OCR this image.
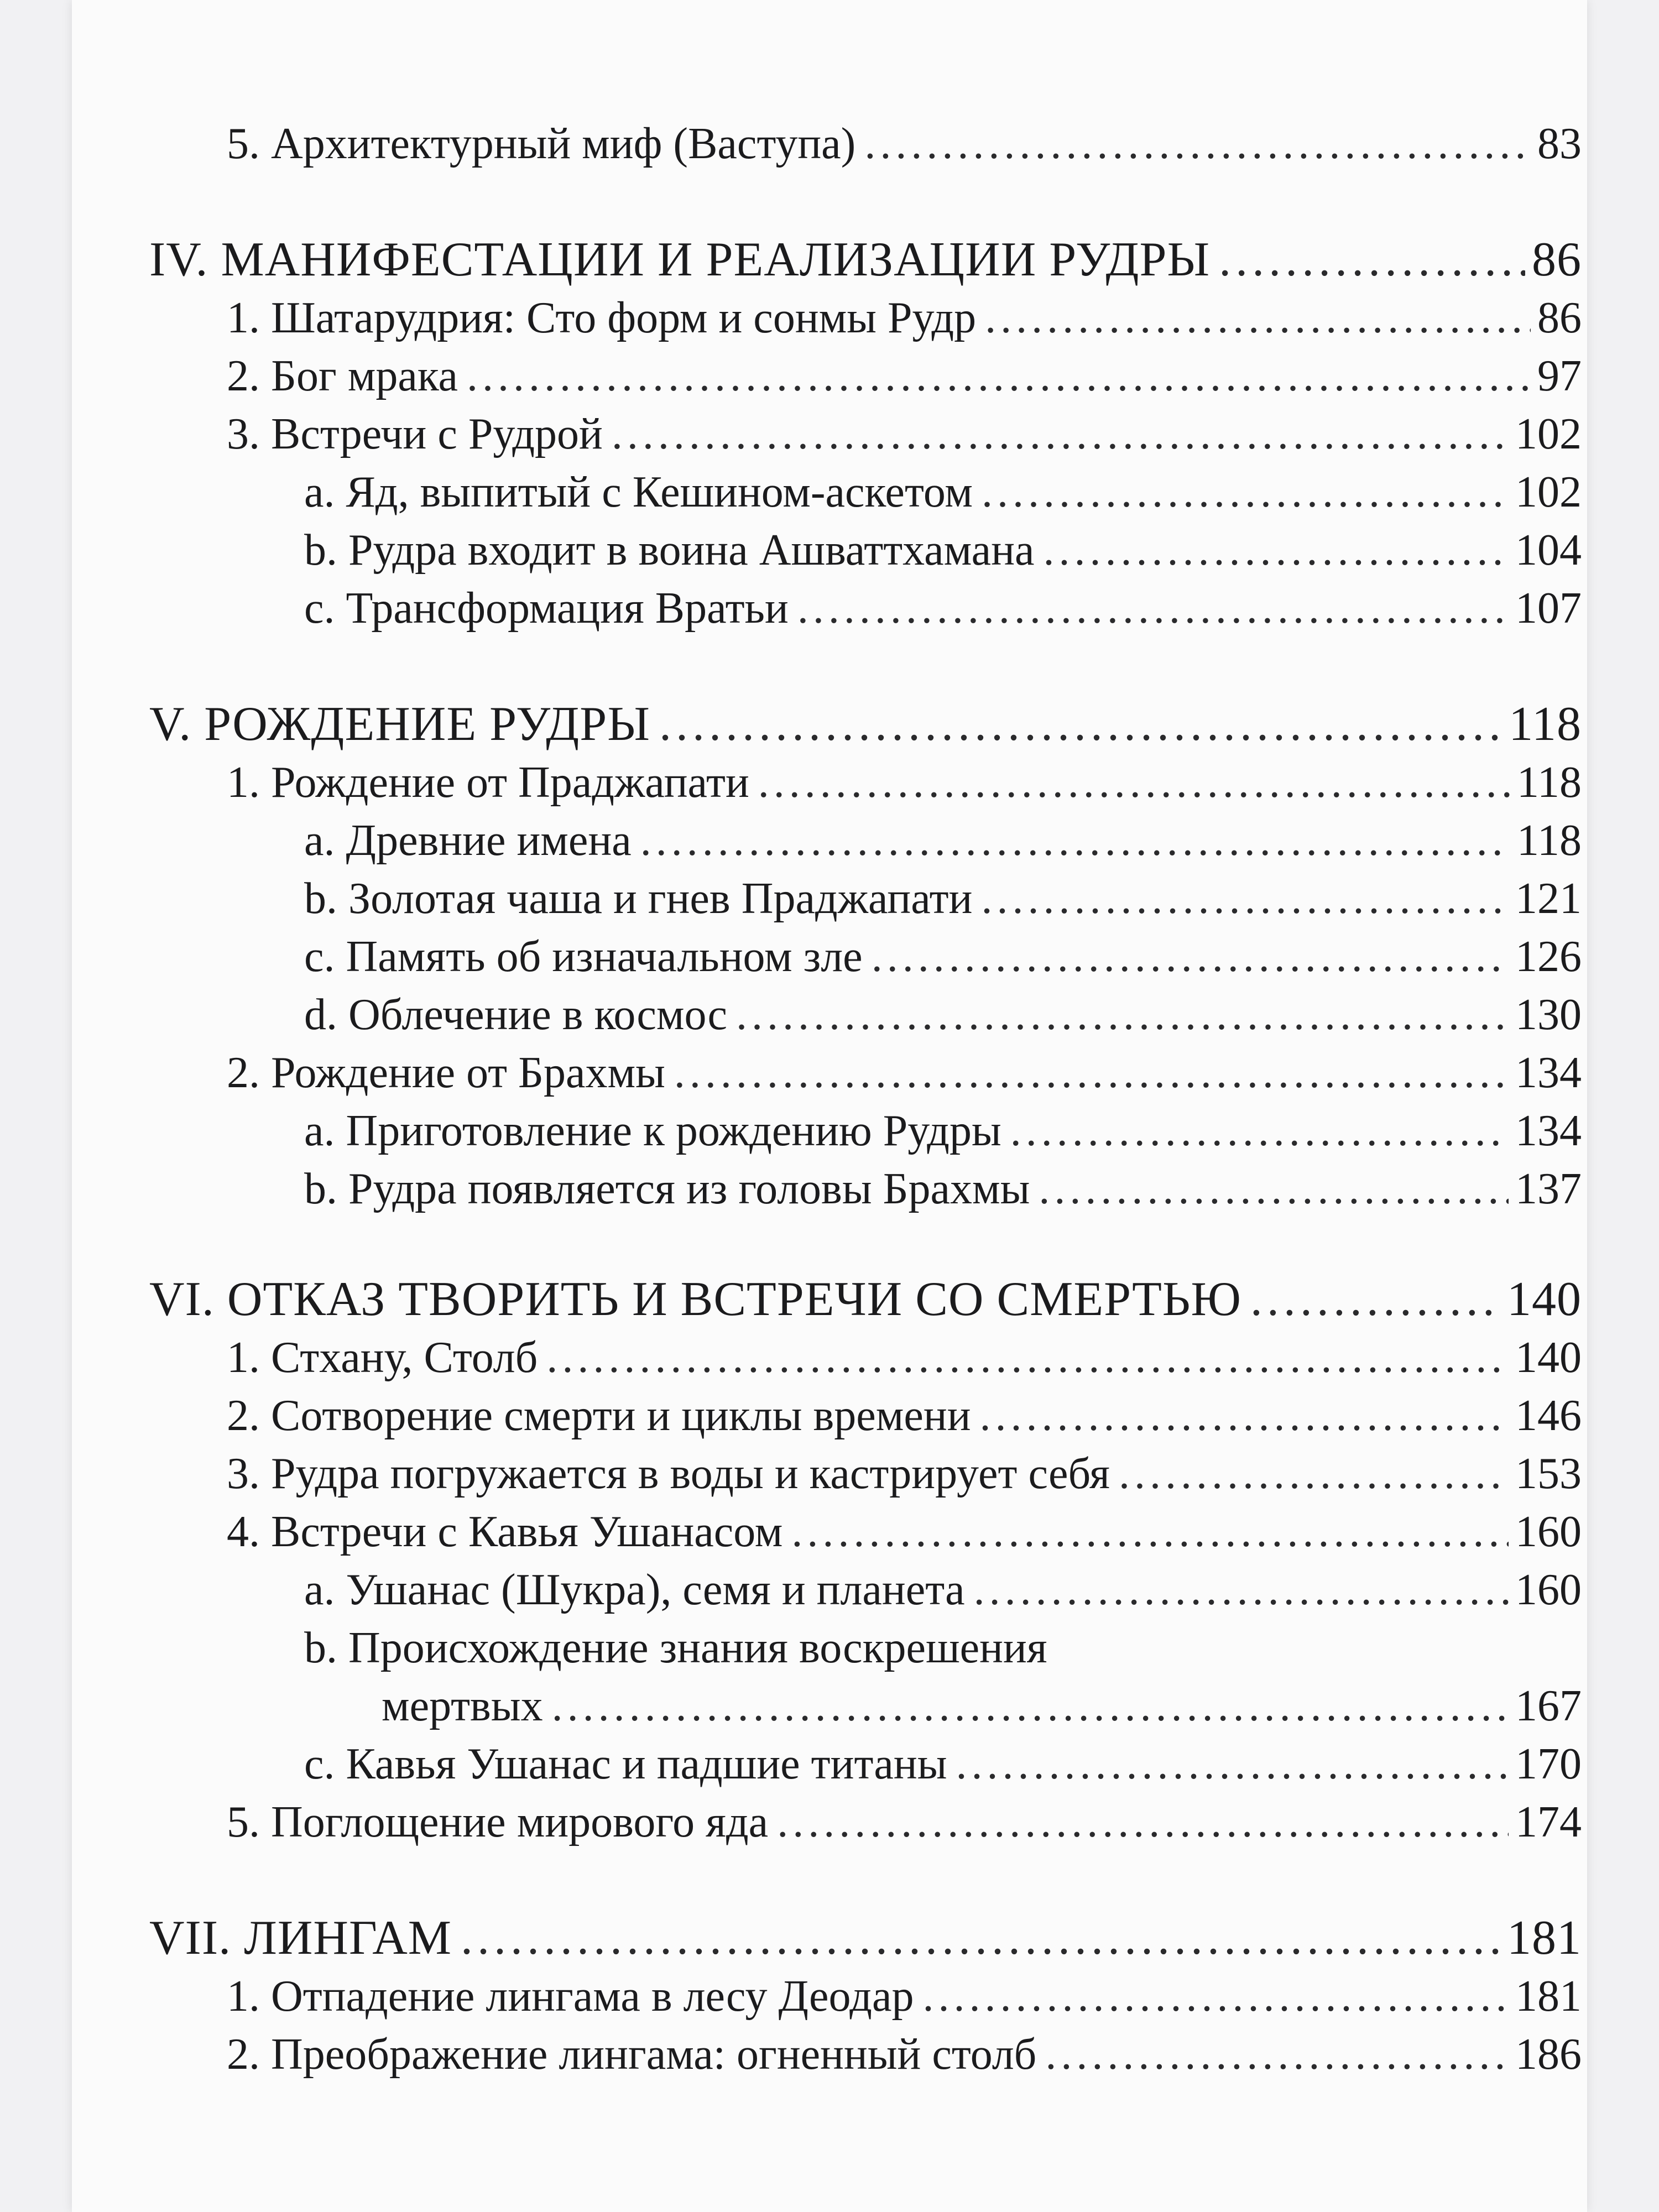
5. Архитектурный миф (Ваступа) .....	83
IV. МАНИФЕСТАЦИИ И РЕАЛИЗАЦИИ РУДРЫ .....	86
1. Шатарудрия: Сто форм и сонмы Рудр .....	86
2. Бог мрака .....	97
3. Встречи с Рудрой .....	102
a. Яд, выпитый с Кешином-аскетом .....	102
b. Рудра входит в воина Ашваттхамана .....	104
c. Трансформация Вратьи .....	107
V. РОЖДЕНИЕ РУДРЫ .....	118
1. Рождение от Праджапати .....	118
a. Древние имена .....	118
b. Золотая чаша и гнев Праджапати .....	121
c. Память об изначальном зле .....	126
d. Облечение в космос .....	130
2. Рождение от Брахмы .....	134
a. Приготовление к рождению Рудры .....	134
b. Рудра появляется из головы Брахмы .....	137
VI. ОТКАЗ ТВОРИТЬ И ВСТРЕЧИ СО СМЕРТЬЮ .....	140
1. Стхану, Столб .....	140
2. Сотворение смерти и циклы времени .....	146
3. Рудра погружается в воды и кастрирует себя .....	153
4. Встречи с Кавья Ушанасом .....	160
a. Ушанас (Шукра), семя и планета .....	160
b. Происхождение знания воскрешения
мертвых .....	167
c. Кавья Ушанас и падшие титаны .....	170
5. Поглощение мирового яда .....	174
VII. ЛИНГАМ .....	181
1. Отпадение лингама в лесу Деодар .....	181
2. Преображение лингама: огненный столб .....	186
